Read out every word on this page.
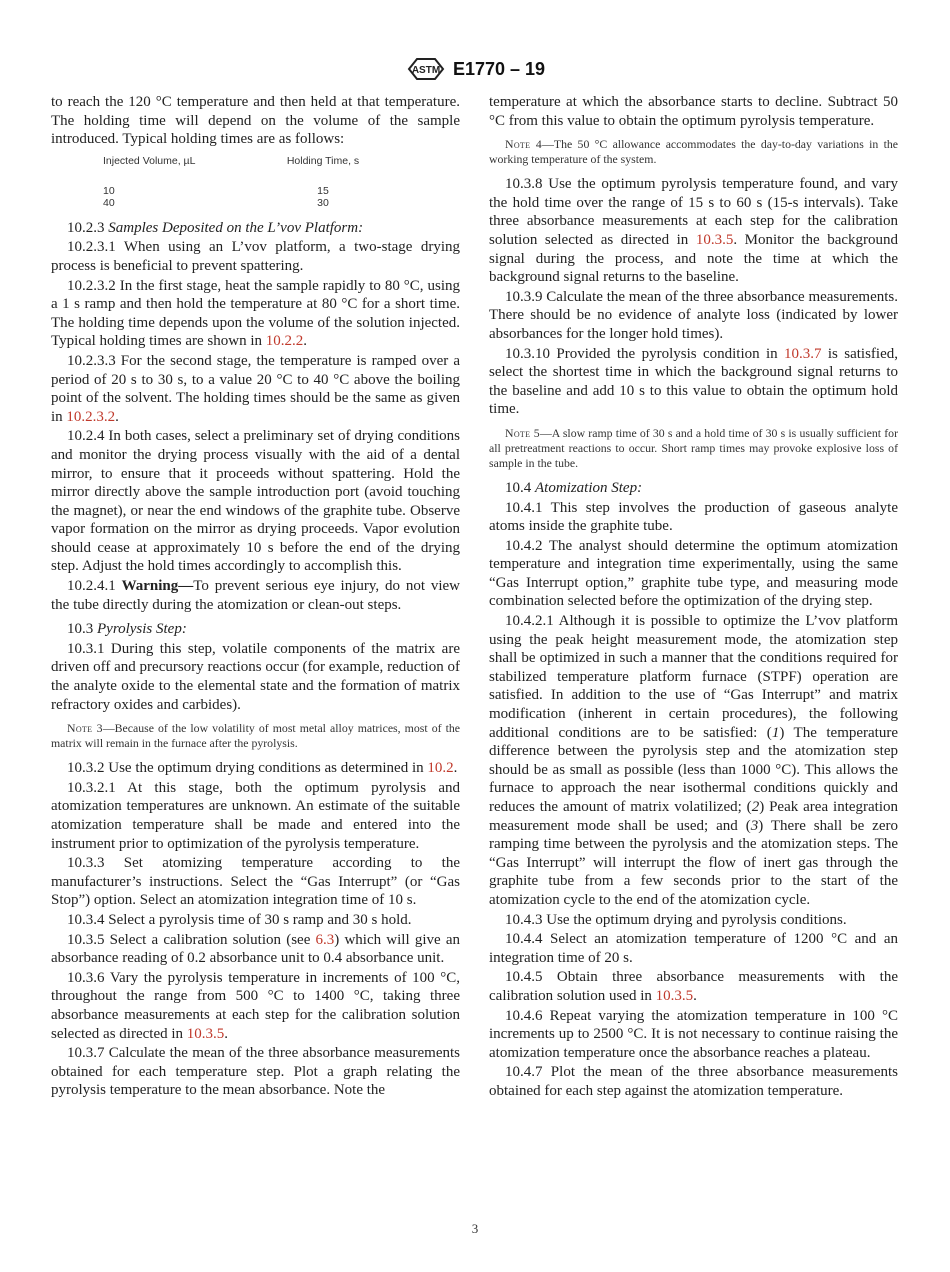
ASTM E1770 – 19

to reach the 120 °C temperature and then held at that temperature. The holding time will depend on the volume of the sample introduced. Typical holding times are as follows:

Injected Volume, µL	Holding Time, s

10	15
40	30

10.2.3 Samples Deposited on the L’vov Platform:

10.2.3.1 When using an L’vov platform, a two-stage drying process is beneficial to prevent spattering.

10.2.3.2 In the first stage, heat the sample rapidly to 80 °C, using a 1 s ramp and then hold the temperature at 80 °C for a short time. The holding time depends upon the volume of the solution injected. Typical holding times are shown in 10.2.2.

10.2.3.3 For the second stage, the temperature is ramped over a period of 20 s to 30 s, to a value 20 °C to 40 °C above the boiling point of the solvent. The holding times should be the same as given in 10.2.3.2.

10.2.4 In both cases, select a preliminary set of drying conditions and monitor the drying process visually with the aid of a dental mirror, to ensure that it proceeds without spattering. Hold the mirror directly above the sample introduction port (avoid touching the magnet), or near the end windows of the graphite tube. Observe vapor formation on the mirror as drying proceeds. Vapor evolution should cease at approximately 10 s before the end of the drying step. Adjust the hold times accordingly to accomplish this.

10.2.4.1 Warning—To prevent serious eye injury, do not view the tube directly during the atomization or clean-out steps.

10.3 Pyrolysis Step:

10.3.1 During this step, volatile components of the matrix are driven off and precursory reactions occur (for example, reduction of the analyte oxide to the elemental state and the formation of matrix refractory oxides and carbides).

Note 3—Because of the low volatility of most metal alloy matrices, most of the matrix will remain in the furnace after the pyrolysis.

10.3.2 Use the optimum drying conditions as determined in 10.2.

10.3.2.1 At this stage, both the optimum pyrolysis and atomization temperatures are unknown. An estimate of the suitable atomization temperature shall be made and entered into the instrument prior to optimization of the pyrolysis temperature.

10.3.3 Set atomizing temperature according to the manufacturer’s instructions. Select the “Gas Interrupt” (or “Gas Stop”) option. Select an atomization integration time of 10 s.

10.3.4 Select a pyrolysis time of 30 s ramp and 30 s hold.

10.3.5 Select a calibration solution (see 6.3) which will give an absorbance reading of 0.2 absorbance unit to 0.4 absorbance unit.

10.3.6 Vary the pyrolysis temperature in increments of 100 °C, throughout the range from 500 °C to 1400 °C, taking three absorbance measurements at each step for the calibration solution selected as directed in 10.3.5.

10.3.7 Calculate the mean of the three absorbance measurements obtained for each temperature step. Plot a graph relating the pyrolysis temperature to the mean absorbance. Note the

temperature at which the absorbance starts to decline. Subtract 50 °C from this value to obtain the optimum pyrolysis temperature.

Note 4—The 50 °C allowance accommodates the day-to-day variations in the working temperature of the system.

10.3.8 Use the optimum pyrolysis temperature found, and vary the hold time over the range of 15 s to 60 s (15-s intervals). Take three absorbance measurements at each step for the calibration solution selected as directed in 10.3.5. Monitor the background signal during the process, and note the time at which the background signal returns to the baseline.

10.3.9 Calculate the mean of the three absorbance measurements. There should be no evidence of analyte loss (indicated by lower absorbances for the longer hold times).

10.3.10 Provided the pyrolysis condition in 10.3.7 is satisfied, select the shortest time in which the background signal returns to the baseline and add 10 s to this value to obtain the optimum hold time.

Note 5—A slow ramp time of 30 s and a hold time of 30 s is usually sufficient for all pretreatment reactions to occur. Short ramp times may provoke explosive loss of sample in the tube.

10.4 Atomization Step:

10.4.1 This step involves the production of gaseous analyte atoms inside the graphite tube.

10.4.2 The analyst should determine the optimum atomization temperature and integration time experimentally, using the same “Gas Interrupt option,” graphite tube type, and measuring mode combination selected before the optimization of the drying step.

10.4.2.1 Although it is possible to optimize the L’vov platform using the peak height measurement mode, the atomization step shall be optimized in such a manner that the conditions required for stabilized temperature platform furnace (STPF) operation are satisfied. In addition to the use of “Gas Interrupt” and matrix modification (inherent in certain procedures), the following additional conditions are to be satisfied: (1) The temperature difference between the pyrolysis step and the atomization step should be as small as possible (less than 1000 °C). This allows the furnace to approach the near isothermal conditions quickly and reduces the amount of matrix volatilized; (2) Peak area integration measurement mode shall be used; and (3) There shall be zero ramping time between the pyrolysis and the atomization steps. The “Gas Interrupt” will interrupt the flow of inert gas through the graphite tube from a few seconds prior to the start of the atomization cycle to the end of the atomization cycle.

10.4.3 Use the optimum drying and pyrolysis conditions.

10.4.4 Select an atomization temperature of 1200 °C and an integration time of 20 s.

10.4.5 Obtain three absorbance measurements with the calibration solution used in 10.3.5.

10.4.6 Repeat varying the atomization temperature in 100 °C increments up to 2500 °C. It is not necessary to continue raising the atomization temperature once the absorbance reaches a plateau.

10.4.7 Plot the mean of the three absorbance measurements obtained for each step against the atomization temperature.

3
